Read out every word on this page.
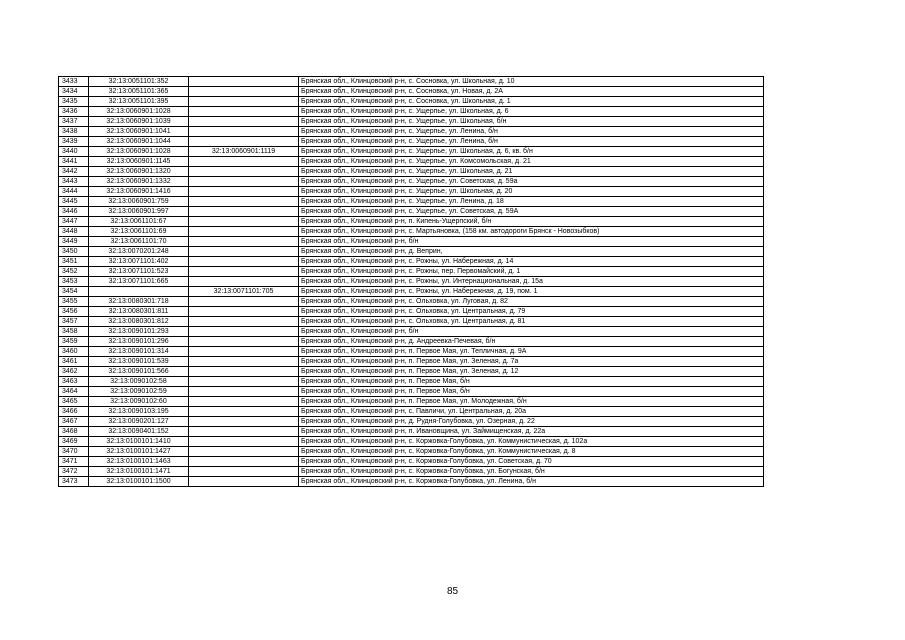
3433	32:13:0051101:352		Брянская обл., Клинцовский р-н, с. Сосновка, ул. Школьная, д. 10
3434	32:13:0051101:365		Брянская обл., Клинцовский р-н, с. Сосновка, ул. Новая, д. 2А
3435	32:13:0051101:395		Брянская обл., Клинцовский р-н, с. Сосновка, ул. Школьная, д. 1
3436	32:13:0060901:1028		Брянская обл., Клинцовский р-н, с. Ущерпье, ул. Школьная, д. 6
3437	32:13:0060901:1039		Брянская обл., Клинцовский р-н, с. Ущерпье, ул. Школьная, б/н
3438	32:13:0060901:1041		Брянская обл., Клинцовский р-н, с. Ущерпье, ул. Ленина, б/н
3439	32:13:0060901:1044		Брянская обл., Клинцовский р-н, с. Ущерпье, ул. Ленина, б/н
3440	32:13:0060901:1028	32:13:0060901:1119	Брянская обл., Клинцовский р-н, с. Ущерпье, ул. Школьная, д. 6, кв. б/н
3441	32:13:0060901:1145		Брянская обл., Клинцовский р-н, с. Ущерпье, ул. Комсомольская, д. 21
3442	32:13:0060901:1320		Брянская обл., Клинцовский р-н, с. Ущерпье, ул. Школьная, д. 21
3443	32:13:0060901:1332		Брянская обл., Клинцовский р-н, с. Ущерпье, ул. Советская, д. 59а
3444	32:13:0060901:1416		Брянская обл., Клинцовский р-н, с. Ущерпье, ул. Школьная, д. 20
3445	32:13:0060901:759		Брянская обл., Клинцовский р-н, с. Ущерпье, ул. Ленина, д. 18
3446	32:13:0060901:997		Брянская обл., Клинцовский р-н, с. Ущерпье, ул. Советская, д. 59А
3447	32:13:0061101:67		Брянская обл., Клинцовский р-н, п. Кипень-Ущерпский, б/н
3448	32:13:0061101:69		Брянская обл., Клинцовский р-н, с. Мартьяновка, (158 км. автодороги Брянск - Новозыбков)
3449	32:13:0061101:70		Брянская обл., Клинцовский р-н, б/н
3450	32:13:0070201:248		Брянская обл., Клинцовский р-н, д. Веприн,
3451	32:13:0071101:402		Брянская обл., Клинцовский р-н, с. Рожны, ул. Набережная, д. 14
3452	32:13:0071101:523		Брянская обл., Клинцовский р-н, с. Рожны, пер. Первомайский, д. 1
3453	32:13:0071101:665		Брянская обл., Клинцовский р-н, с. Рожны, ул. Интернациональная, д. 15а
3454		32:13:0071101:705	Брянская обл., Клинцовский р-н, с. Рожны, ул. Набережная, д. 19, пом. 1
3455	32:13:0080301:718		Брянская обл., Клинцовский р-н, с. Ольховка, ул. Луговая, д. 82
3456	32:13:0080301:811		Брянская обл., Клинцовский р-н, с. Ольховка, ул. Центральная, д. 79
3457	32:13:0080301:812		Брянская обл., Клинцовский р-н, с. Ольховка, ул. Центральная, д. 81
3458	32:13:0090101:293		Брянская обл., Клинцовский р-н, б/н
3459	32:13:0090101:296		Брянская обл., Клинцовский р-н, д. Андреевка-Печевая, б/н
3460	32:13:0090101:314		Брянская обл., Клинцовский р-н, п. Первое Мая, ул. Тепличная, д. 9А
3461	32:13:0090101:539		Брянская обл., Клинцовский р-н, п. Первое Мая, ул. Зеленая, д. 7а
3462	32:13:0090101:566		Брянская обл., Клинцовский р-н, п. Первое Мая, ул. Зеленая, д. 12
3463	32:13:0090102:58		Брянская обл., Клинцовский р-н, п. Первое Мая, б/н
3464	32:13:0090102:59		Брянская обл., Клинцовский р-н, п. Первое Мая, б/н
3465	32:13:0090102:60		Брянская обл., Клинцовский р-н, п. Первое Мая, ул. Молодежная, б/н
3466	32:13:0090103:195		Брянская обл., Клинцовский р-н, с. Павличи, ул. Центральная, д. 20а
3467	32:13:0090201:127		Брянская обл., Клинцовский р-н, д. Рудня-Голубовка, ул. Озерная, д. 22
3468	32:13:0090401:152		Брянская обл., Клинцовский р-н, п. Ивановщина, ул. Займищенская, д. 22а
3469	32:13:0100101:1410		Брянская обл., Клинцовский р-н, с. Коржовка-Голубовка, ул. Коммунистическая, д. 102а
3470	32:13:0100101:1427		Брянская обл., Клинцовский р-н, с. Коржовка-Голубовка, ул. Коммунистическая, д. 8
3471	32:13:0100101:1463		Брянская обл., Клинцовский р-н, с. Коржовка-Голубовка, ул. Советская, д. 70
3472	32:13:0100101:1471		Брянская обл., Клинцовский р-н, с. Коржовка-Голубовка, ул. Богунская, б/н
3473	32:13:0100101:1500		Брянская обл., Клинцовский р-н, с. Коржовка-Голубовка, ул. Ленина, б/н
85
